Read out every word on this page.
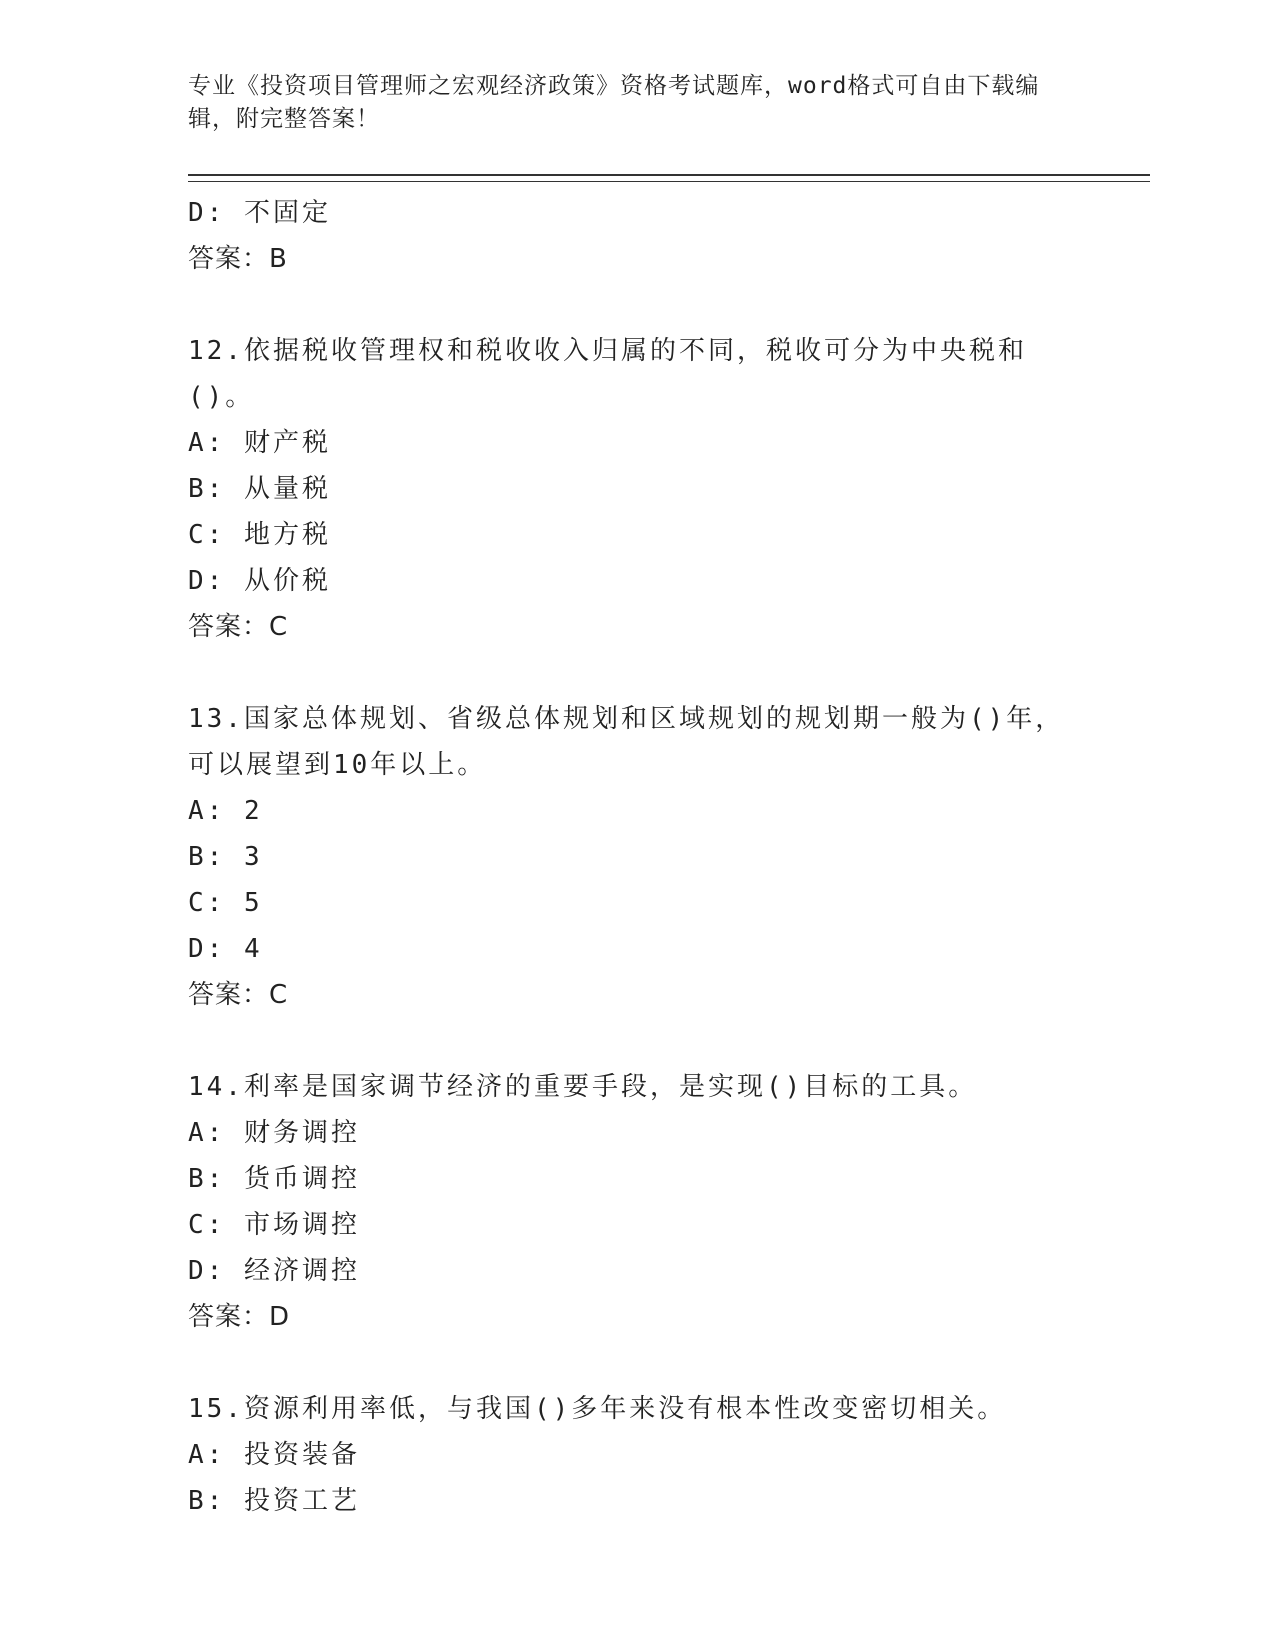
专业《投资项目管理师之宏观经济政策》资格考试题库，word格式可自由下载编辑，附完整答案！

D: 不固定

答案：B

12.依据税收管理权和税收收入归属的不同，税收可分为中央税和()。

A: 财产税

B: 从量税

C: 地方税

D: 从价税

答案：C

13.国家总体规划、省级总体规划和区域规划的规划期一般为()年，可以展望到10年以上。

A: 2

B: 3

C: 5

D: 4

答案：C

14.利率是国家调节经济的重要手段，是实现()目标的工具。

A: 财务调控

B: 货币调控

C: 市场调控

D: 经济调控

答案：D

15.资源利用率低，与我国()多年来没有根本性改变密切相关。

A: 投资装备

B: 投资工艺
